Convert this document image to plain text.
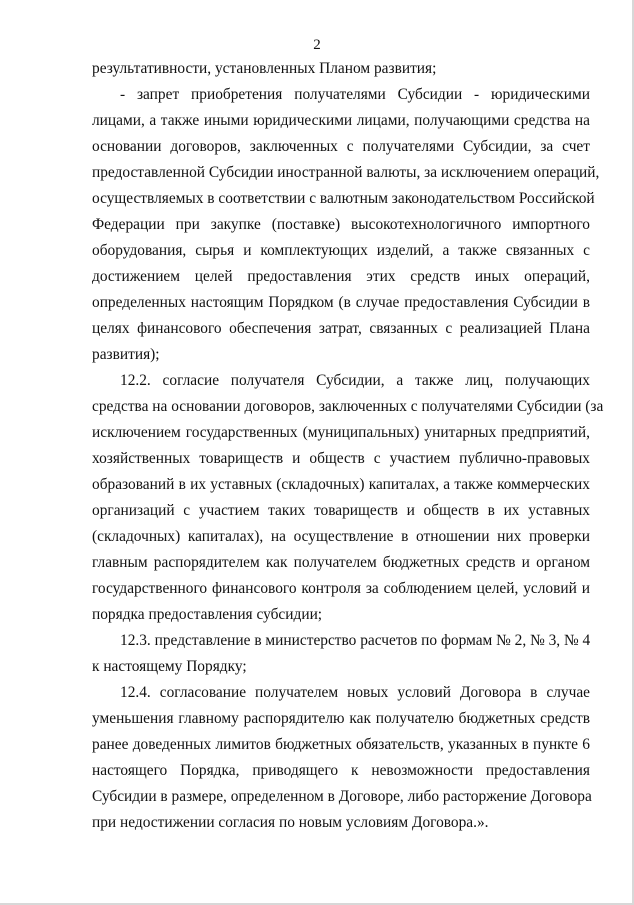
2
результативности, установленных Планом развития;
- запрет приобретения получателями Субсидии - юридическими
лицами, а также иными юридическими лицами, получающими средства на
основании договоров, заключенных с получателями Субсидии, за счет
предоставленной Субсидии иностранной валюты, за исключением операций,
осуществляемых в соответствии с валютным законодательством Российской
Федерации при закупке (поставке) высокотехнологичного импортного
оборудования, сырья и комплектующих изделий, а также связанных с
достижением целей предоставления этих средств иных операций,
определенных настоящим Порядком (в случае предоставления Субсидии в
целях финансового обеспечения затрат, связанных с реализацией Плана
развития);
12.2. согласие получателя Субсидии, а также лиц, получающих
средства на основании договоров, заключенных с получателями Субсидии (за
исключением государственных (муниципальных) унитарных предприятий,
хозяйственных товариществ и обществ с участием публично-правовых
образований в их уставных (складочных) капиталах, а также коммерческих
организаций с участием таких товариществ и обществ в их уставных
(складочных) капиталах), на осуществление в отношении них проверки
главным распорядителем как получателем бюджетных средств и органом
государственного финансового контроля за соблюдением целей, условий и
порядка предоставления субсидии;
12.3. представление в министерство расчетов по формам № 2, № 3, № 4
к настоящему Порядку;
12.4. согласование получателем новых условий Договора в случае
уменьшения главному распорядителю как получателю бюджетных средств
ранее доведенных лимитов бюджетных обязательств, указанных в пункте 6
настоящего Порядка, приводящего к невозможности предоставления
Субсидии в размере, определенном в Договоре, либо расторжение Договора
при недостижении согласия по новым условиям Договора.».
